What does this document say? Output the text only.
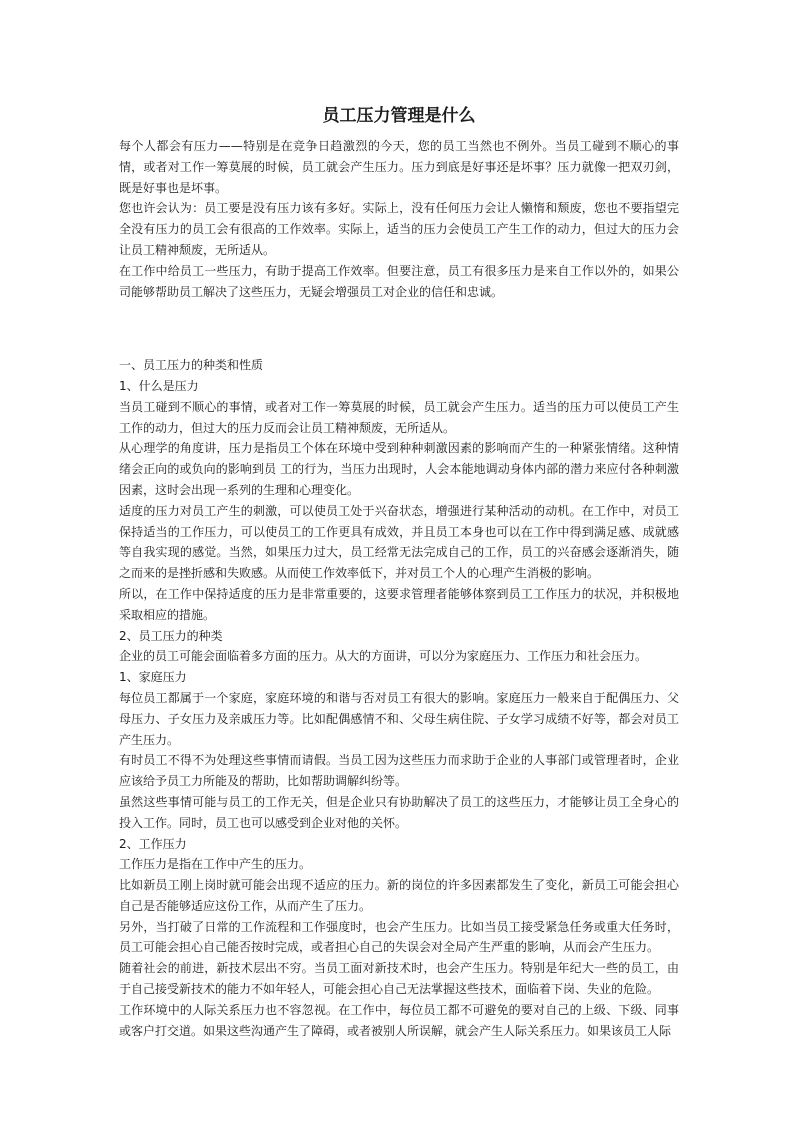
员工压力管理是什么

每个人都会有压力——特别是在竞争日趋激烈的今天，您的员工当然也不例外。当员工碰到不顺心的事情，或者对工作一筹莫展的时候，员工就会产生压力。压力到底是好事还是坏事？压力就像一把双刃剑，既是好事也是坏事。

您也许会认为：员工要是没有压力该有多好。实际上，没有任何压力会让人懒惰和颓废，您也不要指望完全没有压力的员工会有很高的工作效率。实际上，适当的压力会使员工产生工作的动力，但过大的压力会让员工精神颓废，无所适从。

在工作中给员工一些压力，有助于提高工作效率。但要注意，员工有很多压力是来自工作以外的，如果公司能够帮助员工解决了这些压力，无疑会增强员工对企业的信任和忠诚。

一、员工压力的种类和性质

1、什么是压力

当员工碰到不顺心的事情，或者对工作一筹莫展的时候，员工就会产生压力。适当的压力可以使员工产生工作的动力，但过大的压力反而会让员工精神颓废，无所适从。

从心理学的角度讲，压力是指员工个体在环境中受到种种刺激因素的影响而产生的一种紧张情绪。这种情绪会正向的或负向的影响到员 工的行为，当压力出现时，人会本能地调动身体内部的潜力来应付各种刺激因素，这时会出现一系列的生理和心理变化。

适度的压力对员工产生的刺激，可以使员工处于兴奋状态，增强进行某种活动的动机。在工作中，对员工保持适当的工作压力，可以使员工的工作更具有成效，并且员工本身也可以在工作中得到满足感、成就感等自我实现的感觉。当然，如果压力过大，员工经常无法完成自己的工作，员工的兴奋感会逐渐消失，随之而来的是挫折感和失败感。从而使工作效率低下，并对员工个人的心理产生消极的影响。

所以，在工作中保持适度的压力是非常重要的，这要求管理者能够体察到员工工作压力的状况，并积极地采取相应的措施。

2、员工压力的种类

企业的员工可能会面临着多方面的压力。从大的方面讲，可以分为家庭压力、工作压力和社会压力。

1、家庭压力

每位员工都属于一个家庭，家庭环境的和谐与否对员工有很大的影响。家庭压力一般来自于配偶压力、父母压力、子女压力及亲戚压力等。比如配偶感情不和、父母生病住院、子女学习成绩不好等，都会对员工产生压力。

有时员工不得不为处理这些事情而请假。当员工因为这些压力而求助于企业的人事部门或管理者时，企业应该给予员工力所能及的帮助，比如帮助调解纠纷等。

虽然这些事情可能与员工的工作无关，但是企业只有协助解决了员工的这些压力，才能够让员工全身心的投入工作。同时，员工也可以感受到企业对他的关怀。

2、工作压力

工作压力是指在工作中产生的压力。

比如新员工刚上岗时就可能会出现不适应的压力。新的岗位的许多因素都发生了变化，新员工可能会担心自己是否能够适应这份工作，从而产生了压力。

另外，当打破了日常的工作流程和工作强度时，也会产生压力。比如当员工接受紧急任务或重大任务时，员工可能会担心自己能否按时完成，或者担心自己的失误会对全局产生严重的影响，从而会产生压力。

随着社会的前进，新技术层出不穷。当员工面对新技术时，也会产生压力。特别是年纪大一些的员工，由于自己接受新技术的能力不如年轻人，可能会担心自己无法掌握这些技术，面临着下岗、失业的危险。

工作环境中的人际关系压力也不容忽视。在工作中，每位员工都不可避免的要对自己的上级、下级、同事或客户打交道。如果这些沟通产生了障碍，或者被别人所误解，就会产生人际关系压力。如果该员工人际
